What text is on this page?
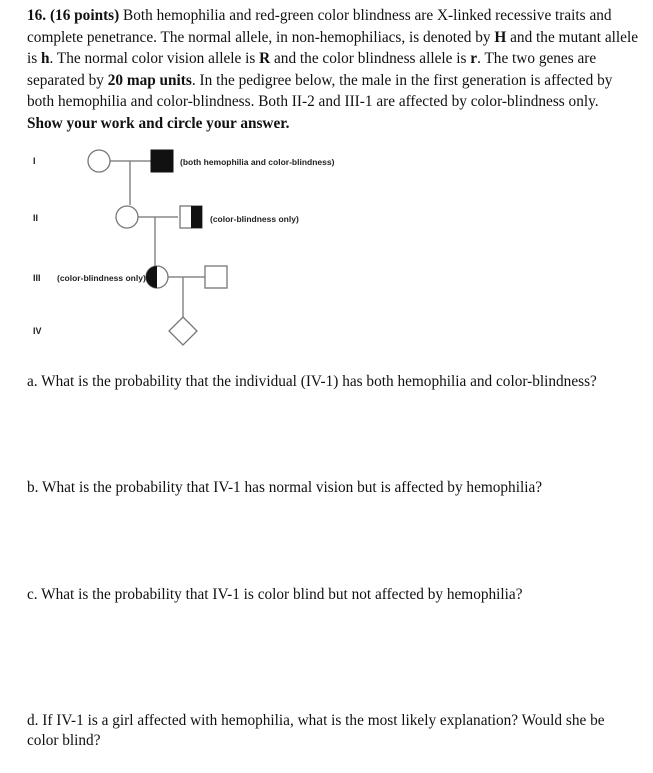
16. (16 points) Both hemophilia and red-green color blindness are X-linked recessive traits and complete penetrance. The normal allele, in non-hemophiliacs, is denoted by H and the mutant allele is h. The normal color vision allele is R and the color blindness allele is r. The two genes are separated by 20 map units. In the pedigree below, the male in the first generation is affected by both hemophilia and color-blindness. Both II-2 and III-1 are affected by color-blindness only.

Show your work and circle your answer.

I
II
III
IV
(both hemophilia and color-blindness)
(color-blindness only)
(color-blindness only)

a. What is the probability that the individual (IV-1) has both hemophilia and color-blindness?

b. What is the probability that IV-1 has normal vision but is affected by hemophilia?

c. What is the probability that IV-1 is color blind but not affected by hemophilia?

d. If IV-1 is a girl affected with hemophilia, what is the most likely explanation? Would she be color blind?
